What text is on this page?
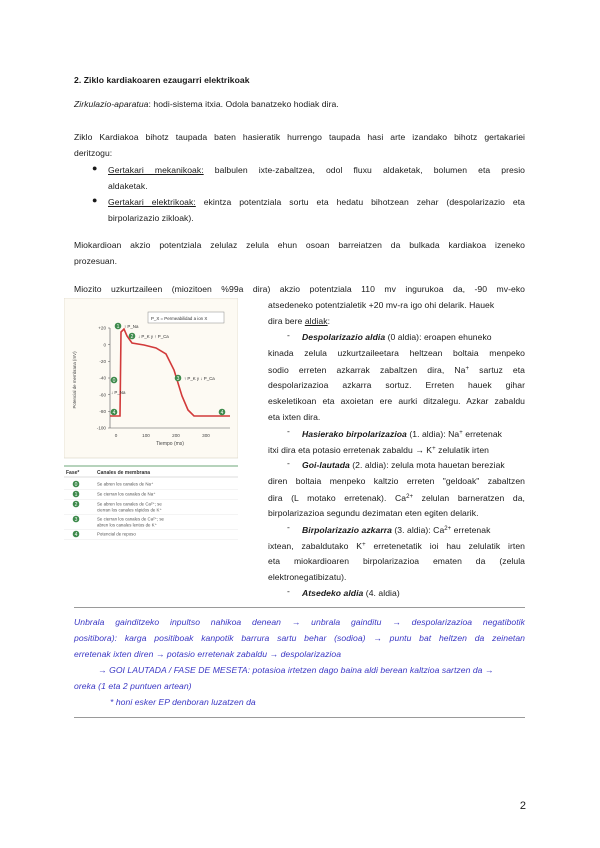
2. Ziklo kardiakoaren ezaugarri elektrikoak
Zirkulazio-aparatua: hodi-sistema itxia. Odola banatzeko hodiak dira.
Ziklo Kardiakoa bihotz taupada baten hasieratik hurrengo taupada hasi arte izandako bihotz gertakariei
deritzogu:
● Gertakari mekanikoak: balbulen ixte-zabaltzea, odol fluxu aldaketak, bolumen eta presio
aldaketak.
● Gertakari elektrikoak: ekintza potentziala sortu eta hedatu bihotzean zehar (despolarizazio eta
birpolarizazio zikloak).
Miokardioan akzio potentziala zelulaz zelula ehun osoan barreiatzen da bulkada kardiakoa izeneko
prozesuan.
Miozito uzkurtzaileen (miozitoen %99a dira) akzio potentziala 110 mv ingurukoa da, -90 mv-eko
atsedeneko potentzialetik +20 mv-ra igo ohi delarik. Hauek
dira bere aldiak:
- Despolarizazio aldia (0 aldia): eroapen ehuneko
kinada zelula uzkurtzaileetara heltzean boltaia menpeko
sodio erreten azkarrak zabaltzen dira, Na+ sartuz eta
despolarizazioa azkarra sortuz. Erreten hauek gihar
eskeletikoan eta axoietan ere aurki ditzalegu. Azkar zabaldu
eta ixten dira.
- Hasierako birpolarizazioa (1. aldia): Na+ erretenak
itxi dira eta potasio erretenak zabaldu → K+ zelulatik irten
- Goi-lautada (2. aldia): zelula mota hauetan bereziak
diren boltaia menpeko kaltzio erreten "geldoak" zabaltzen
dira (L motako erretenak). $Ca^{2+}$ zelulan barneratzen da,
birpolarizazioa segundu dezimatan eten egiten delarik.
- Birpolarizazio azkarra (3. aldia): $Ca^{2+}$ erretenak
ixtean, zabaldutako K+ erretenetatik ioi hau zelulatik irten
eta miokardioaren birpolarizazioa ematen da (zelula
elektronegatibizatu).
- Atsedeko aldia (4. aldia)
Unbrala gainditzeko inpultso nahikoa denean → unbrala gainditu → despolarizazioa negatibotik
positibora): karga positiboak kanpotik barrura sartu behar (sodioa) → puntu bat heltzen da zeinetan
erretenak ixten diren → potasio erretenak zabaldu → despolarizazioa
→ GOI LAUTADA / FASE DE MESETA: potasioa irtetzen dago baina aldi berean kaltzioa sartzen da →
oreka (1 eta 2 puntuen artean)
* honi esker EP denboran luzatzen da
2
P_X = Permeabilidad a ion X
+20
0
-20
-40
-60
-80
-100
0	100	200	300
Potencial de membrana (mV)
Tiempo (ms)
1
2
0	3
4	4
↑ P_Na
↓ P_K y ↑ P_Ca
↑ P_K y ↓ P_Ca
↓ P_Na
Fase*	Canales de membrana
0	Se abren los canales de Na⁺
1	Se cierran los canales de Na⁺
2	Se abren los canales de Ca²⁺; se
cierran los canales rápidos de K⁺
3	Se cierran los canales de Ca²⁺; se
abren los canales lentos de K⁺
4	Potencial de reposo
